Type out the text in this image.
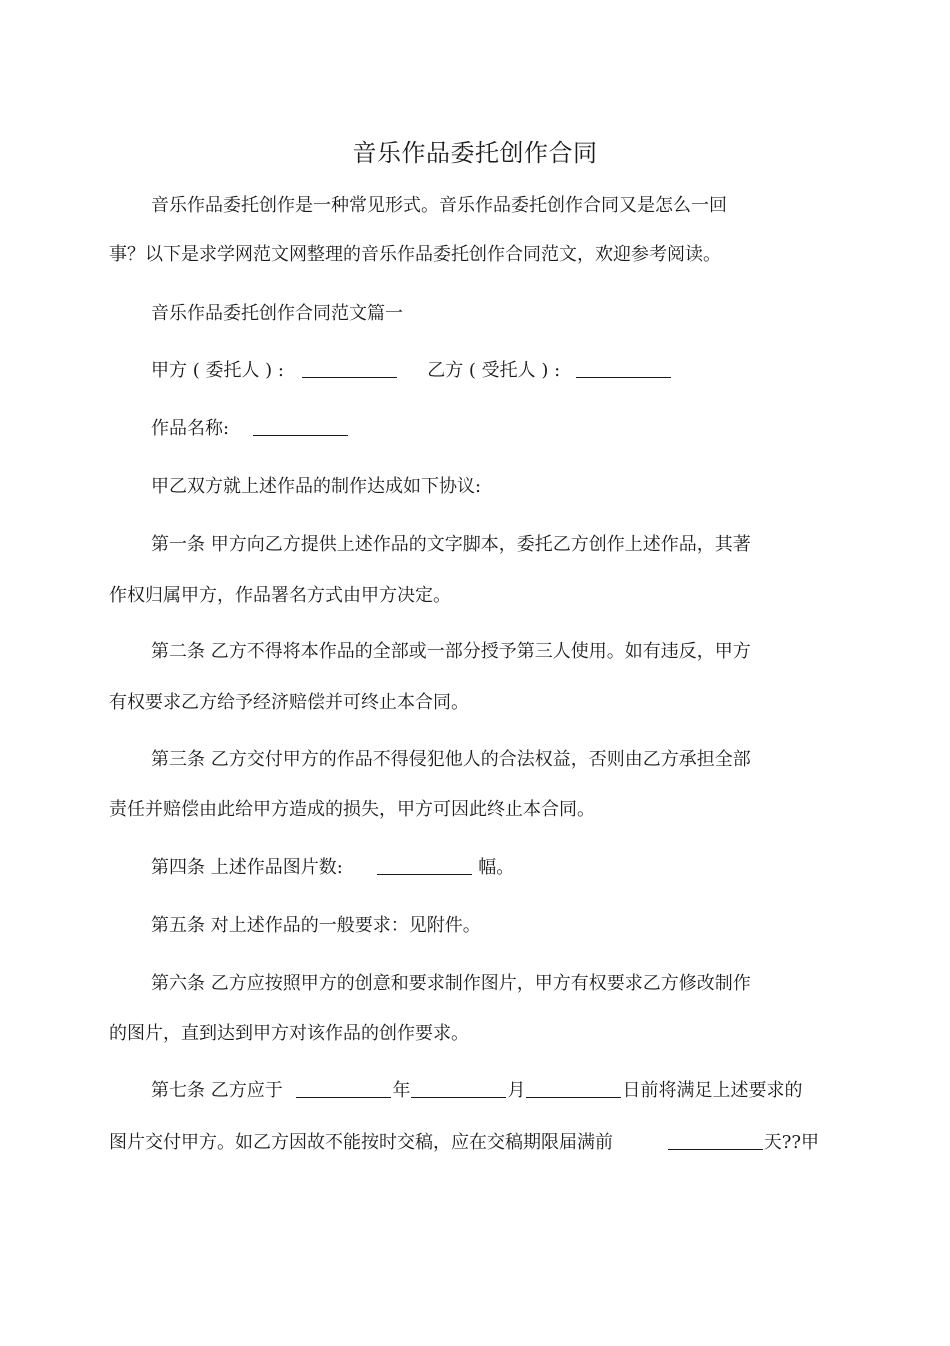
音乐作品委托创作合同
音乐作品委托创作是一种常见形式。音乐作品委托创作合同又是怎么一回
事？以下是求学网范文网整理的音乐作品委托创作合同范文，欢迎参考阅读。
音乐作品委托创作合同范文篇一
甲方 ( 委托人 ) :	乙方 ( 受托人 ) :
作品名称:
甲乙双方就上述作品的制作达成如下协议:
第一条 甲方向乙方提供上述作品的文字脚本，委托乙方创作上述作品，其著
作权归属甲方，作品署名方式由甲方决定。
第二条 乙方不得将本作品的全部或一部分授予第三人使用。如有违反，甲方
有权要求乙方给予经济赔偿并可终止本合同。
第三条 乙方交付甲方的作品不得侵犯他人的合法权益，否则由乙方承担全部
责任并赔偿由此给甲方造成的损失，甲方可因此终止本合同。
第四条 上述作品图片数:	幅。
第五条 对上述作品的一般要求：见附件。
第六条 乙方应按照甲方的创意和要求制作图片，甲方有权要求乙方修改制作
的图片，直到达到甲方对该作品的创作要求。
第七条 乙方应于	年	月	日前将满足上述要求的
图片交付甲方。如乙方因故不能按时交稿，应在交稿期限届满前	天??甲
